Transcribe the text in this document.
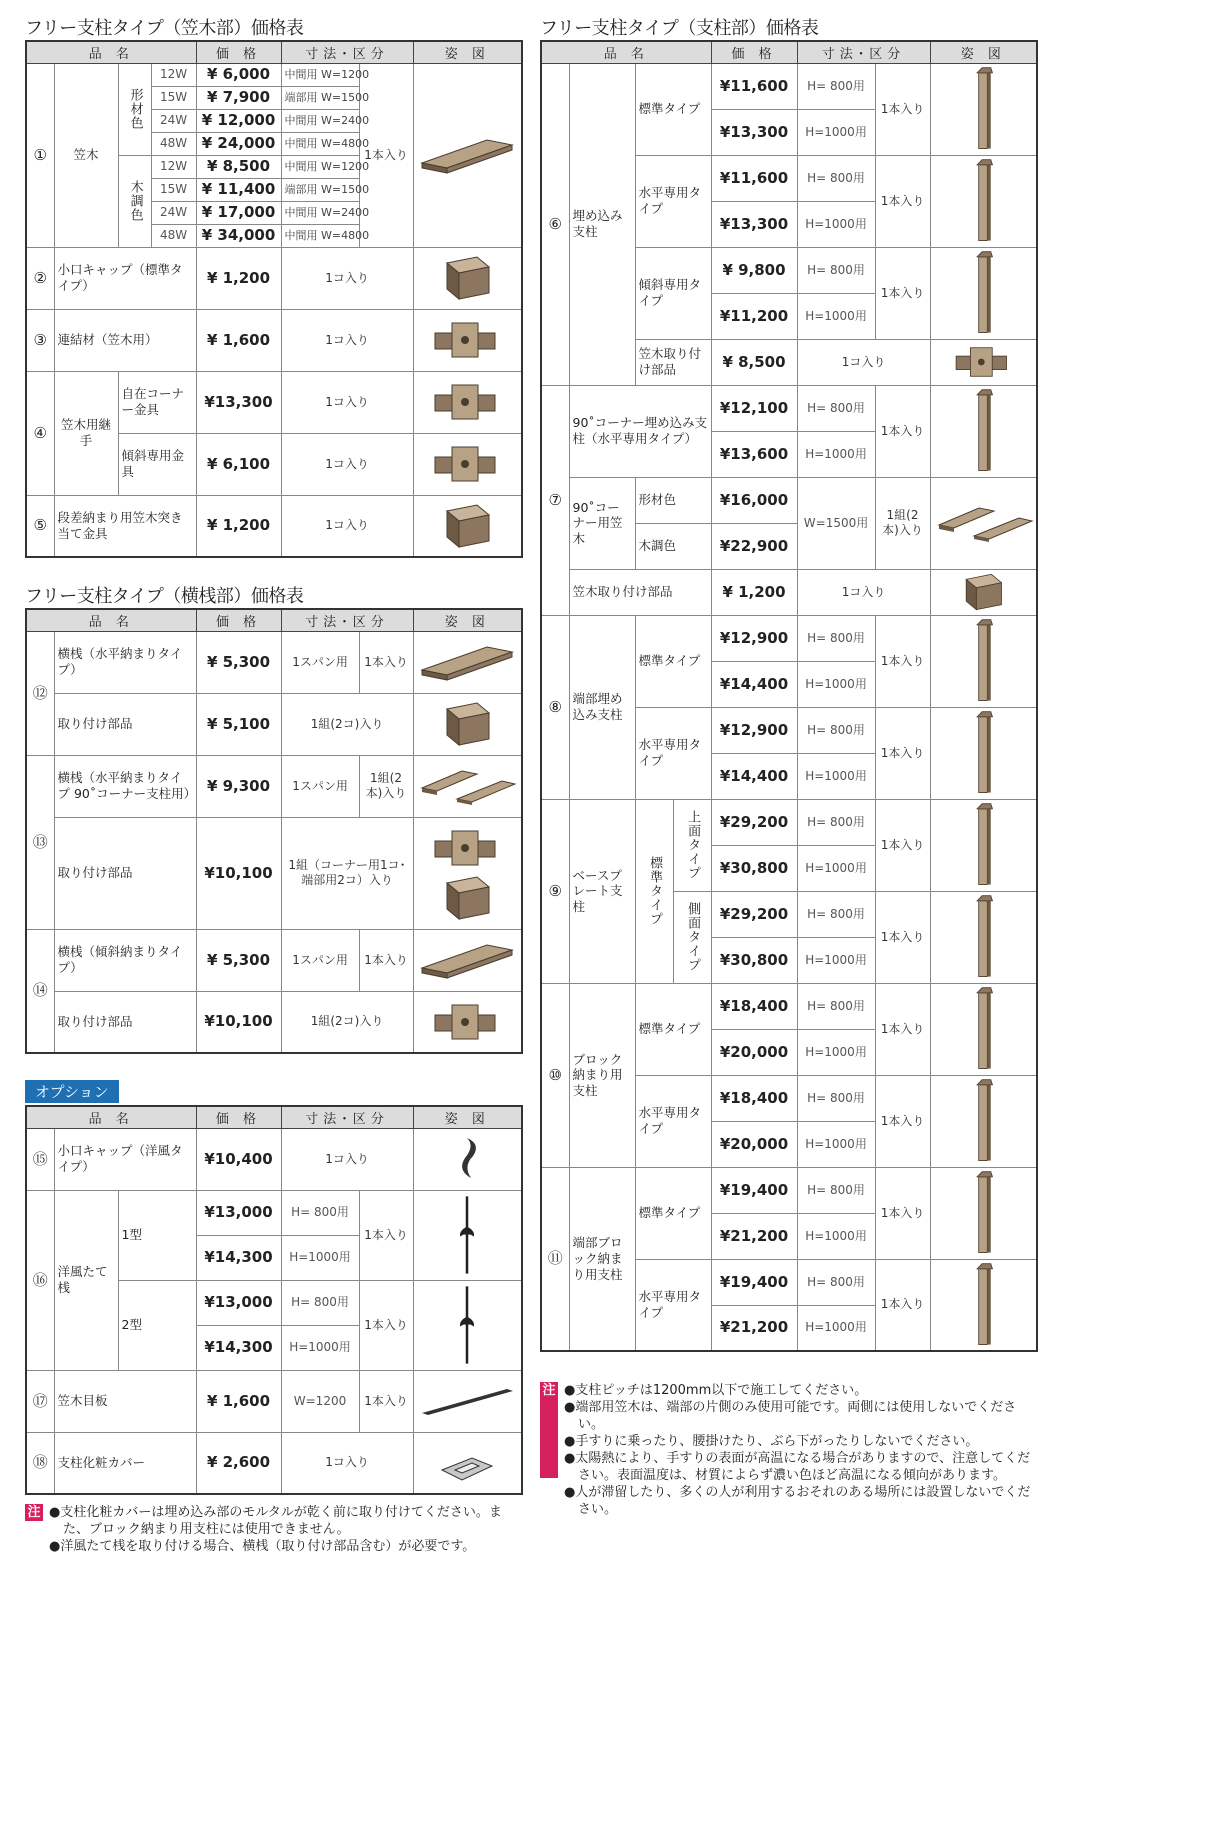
フリー支柱タイプ（笠木部）価格表
品 名				価 格	寸法･区分		姿 図
①	笠木	形材色	12W	¥ 6,000	中間用 W=1200	1本入り	

			15W	¥ 7,900	端部用 W=1500		
			24W	¥ 12,000	中間用 W=2400		
			48W	¥ 24,000	中間用 W=4800		
		木調色	12W	¥ 8,500	中間用 W=1200		
			15W	¥ 11,400	端部用 W=1500		
			24W	¥ 17,000	中間用 W=2400		
			48W	¥ 34,000	中間用 W=4800		
②	小口キャップ（標準タイプ）			¥ 1,200	1コ入り	

③	連結材（笠木用）			¥ 1,600	1コ入り	

④	笠木用継手	自在コーナー金具		¥13,300	1コ入り	

		傾斜専用金具		¥ 6,100	1コ入り	

⑤	段差納まり用笠木突き当て金具			¥ 1,200	1コ入り	
フリー支柱タイプ（横桟部）価格表
品 名		価 格	寸法･区分		姿 図
⑫	横桟（水平納まりタイプ）	¥ 5,300	1スパン用	1本入り	

	取り付け部品	¥ 5,100	1組(2コ)入り	

⑬	横桟（水平納まりタイプ 90˚コーナー支柱用）	¥ 9,300	1スパン用	1組(2本)入り	

	取り付け部品	¥10,100	1組（コーナー用1コ･端部用2コ）入り	

⑭	横桟（傾斜納まりタイプ）	¥ 5,300	1スパン用	1本入り	

	取り付け部品	¥10,100	1組(2コ)入り	
オプション
品 名			価 格	寸法･区分		姿 図
⑮	小口キャップ（洋風タイプ）		¥10,400	1コ入り	

⑯	洋風たて桟	1型	¥13,000	H= 800用	1本入り	

			¥14,300	H=1000用		
		2型	¥13,000	H= 800用	1本入り	

			¥14,300	H=1000用		
⑰	笠木目板		¥ 1,600	W=1200	1本入り	

⑱	支柱化粧カバー		¥ 2,600	1コ入り	
注	● 支柱化粧カバーは埋め込み部のモルタルが乾く前に取り付けてください。また、ブロック納まり用支柱には使用できません。
● 洋風たて桟を取り付ける場合、横桟（取り付け部品含む）が必要です。
フリー支柱タイプ（支柱部）価格表
品 名				価 格	寸法･区分		姿 図
⑥	埋め込み支柱	標準タイプ		¥11,600	H= 800用	1本入り	

				¥13,300	H=1000用		
		水平専用タイプ		¥11,600	H= 800用	1本入り	

				¥13,300	H=1000用		
		傾斜専用タイプ		¥ 9,800	H= 800用	1本入り	

				¥11,200	H=1000用		
		笠木取り付け部品		¥ 8,500	1コ入り	

⑦	90˚コーナー埋め込み支柱（水平専用タイプ）			¥12,100	H= 800用	1本入り	

				¥13,600	H=1000用		
	90˚コーナー用笠木	形材色		¥16,000	W=1500用	1組(2本)入り	

		木調色		¥22,900			
	笠木取り付け部品			¥ 1,200	1コ入り	

⑧	端部埋め込み支柱	標準タイプ		¥12,900	H= 800用	1本入り	

				¥14,400	H=1000用		
		水平専用タイプ		¥12,900	H= 800用	1本入り	

				¥14,400	H=1000用		
⑨	ベースプレート支柱	標準タイプ	上面タイプ	¥29,200	H= 800用	1本入り	

				¥30,800	H=1000用		
			側面タイプ	¥29,200	H= 800用	1本入り	

				¥30,800	H=1000用		
⑩	ブロック納まり用支柱	標準タイプ		¥18,400	H= 800用	1本入り	

				¥20,000	H=1000用		
		水平専用タイプ		¥18,400	H= 800用	1本入り	

				¥20,000	H=1000用		
⑪	端部ブロック納まり用支柱	標準タイプ		¥19,400	H= 800用	1本入り	

				¥21,200	H=1000用		
		水平専用タイプ		¥19,400	H= 800用	1本入り	

				¥21,200	H=1000用		
注	● 支柱ピッチは1200mm以下で施工してください。
● 端部用笠木は、端部の片側のみ使用可能です。両側には使用しないでください。
● 手すりに乗ったり、腰掛けたり、ぶら下がったりしないでください。
● 太陽熱により、手すりの表面が高温になる場合がありますので、注意してください。表面温度は、材質によらず濃い色ほど高温になる傾向があります。
● 人が滞留したり、多くの人が利用するおそれのある場所には設置しないでください。
